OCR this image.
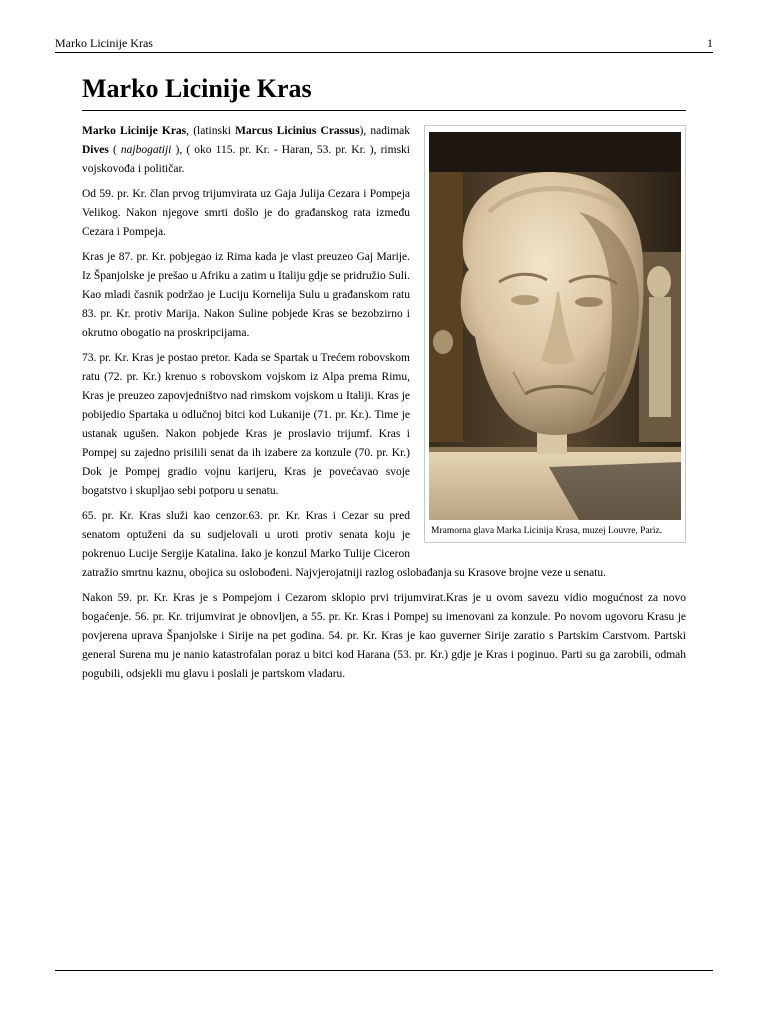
Marko Licinije Kras	1
Marko Licinije Kras
Mramorna glava Marka Licinija Krasa, muzej Louvre, Pariz.

Marko Licinije Kras, (latinski Marcus Licinius Crassus), nadimak Dives ( najbogatiji ), ( oko 115. pr. Kr. - Haran, 53. pr. Kr. ), rimski vojskovođa i političar.

Od 59. pr. Kr. član prvog trijumvirata uz Gaja Julija Cezara i Pompeja Velikog. Nakon njegove smrti došlo je do građanskog rata između Cezara i Pompeja.

Kras je 87. pr. Kr. pobjegao iz Rima kada je vlast preuzeo Gaj Marije. Iz Španjolske je prešao u Afriku a zatim u Italiju gdje se pridružio Suli. Kao mladi časnik podržao je Luciju Kornelija Sulu u građanskom ratu 83. pr. Kr. protiv Marija. Nakon Suline pobjede Kras se bezobzirno i okrutno obogatio na proskripcijama.

73. pr. Kr. Kras je postao pretor. Kada se Spartak u Trećem robovskom ratu (72. pr. Kr.) krenuo s robovskom vojskom iz Alpa prema Rimu, Kras je preuzeo zapovjedništvo nad rimskom vojskom u Italiji. Kras je pobijedio Spartaka u odlučnoj bitci kod Lukanije (71. pr. Kr.). Time je ustanak ugušen. Nakon pobjede Kras je proslavio trijumf. Kras i Pompej su zajedno prisilili senat da ih izabere za konzule (70. pr. Kr.) Dok je Pompej gradio vojnu karijeru, Kras je povećavao svoje bogatstvo i skupljao sebi potporu u senatu.

65. pr. Kr. Kras služi kao cenzor.63. pr. Kr. Kras i Cezar su pred senatom optuženi da su sudjelovali u uroti protiv senata koju je pokrenuo Lucije Sergije Katalina. Iako je konzul Marko Tulije Ciceron zatražio smrtnu kaznu, obojica su oslobođeni. Najvjerojatniji razlog oslobađanja su Krasove brojne veze u senatu.

Nakon 59. pr. Kr. Kras je s Pompejom i Cezarom sklopio prvi trijumvirat.Kras je u ovom savezu vidio mogućnost za novo bogaćenje. 56. pr. Kr. trijumvirat je obnovljen, a 55. pr. Kr. Kras i Pompej su imenovani za konzule. Po novom ugovoru Krasu je povjerena uprava Španjolske i Sirije na pet godina. 54. pr. Kr. Kras je kao guverner Sirije zaratio s Partskim Carstvom. Partski general Surena mu je nanio katastrofalan poraz u bitci kod Harana (53. pr. Kr.) gdje je Kras i poginuo. Parti su ga zarobili, odmah pogubili, odsjekli mu glavu i poslali je partskom vladaru.
